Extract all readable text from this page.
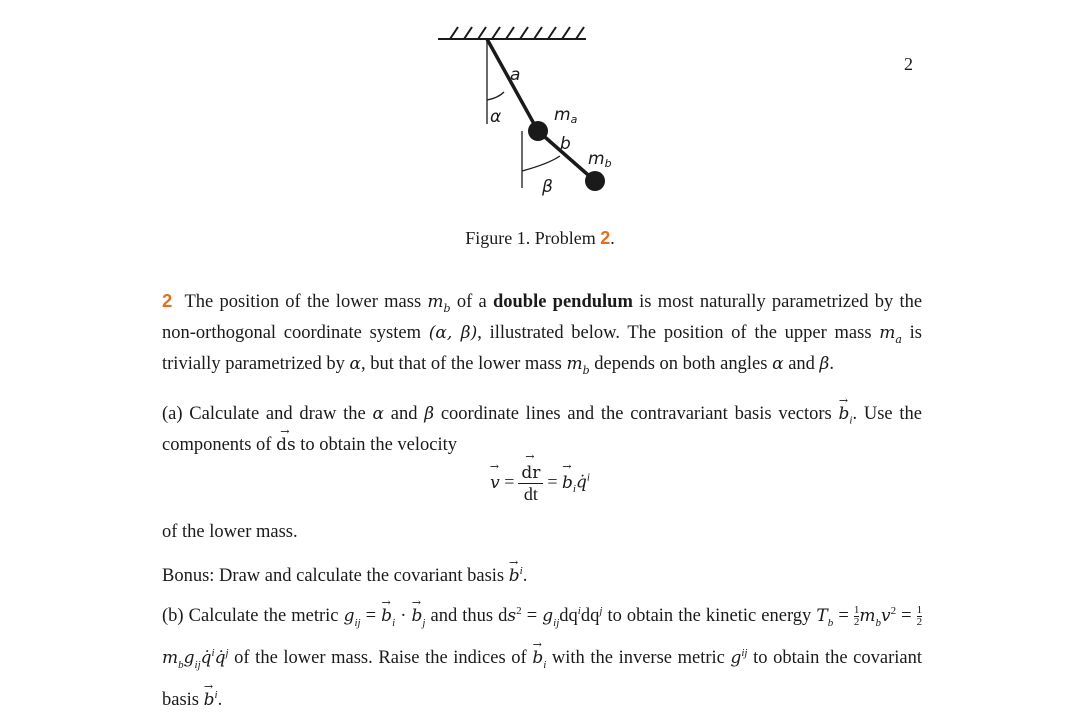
2
a
α
b
β
ma
mb
Figure 1. Problem 2.

2 The position of the lower mass $m_b$ of a double pendulum is most naturally parametrized by the non-orthogonal coordinate system (α, β), illustrated below. The position of the upper mass $m_a$ is trivially parametrized by α, but that of the lower mass $m_b$ depends on both angles α and β.

(a) Calculate and draw the α and β coordinate lines and the contravariant basis vectors → $b_i$. Use the components of → ds to obtain the velocity

→ v = → $\frac{dr}{dt}$ = → $b_iq̇^i$

of the lower mass.

Bonus: Draw and calculate the covariant basis → $b^i$.

(b) Calculate the metric $g_{ij}$ = → $b_i$ · → $b_j$ and thus $ds^2 = g_{ij}dq^idq^j$ to obtain the kinetic energy $T_b = \frac{1}{2} m_bv^2 = \frac{1}{2}$
$m_bg_{ij}q̇^iq̇^j$ of the lower mass. Raise the indices of → $b_i$ with the inverse metric $g^{ij}$ to obtain the covariant basis → $b^i$.
